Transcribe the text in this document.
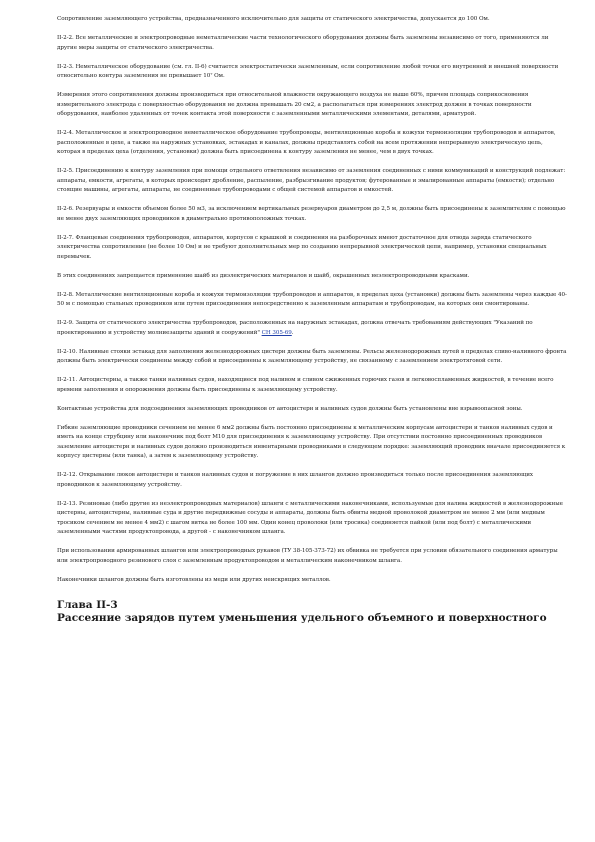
Сопротивление заземляющего устройства, предназначенного исключительно для защиты от статического электричества, допускается до 100 Ом.

II-2-2. Все металлические и электропроводные неметаллические части технологического оборудования должны быть заземлены независимо от того, применяются ли другие меры защиты от статического электричества.

II-2-3. Неметаллическое оборудование (см. гл. II-6) считается электростатически заземленным, если сопротивление любой точки его внутренней и внешней поверхности относительно контура заземления не превышает 10⁷ Ом.

Измерения этого сопротивления должны производиться при относительной влажности окружающего воздуха не выше 60%, причем площадь соприкосновения измерительного электрода с поверхностью оборудования не должна превышать 20 см2, а располагаться при измерениях электрод должен в точках поверхности оборудования, наиболее удаленных от точек контакта этой поверхности с заземленными металлическими элементами, деталями, арматурой.

II-2-4. Металлическое и электропроводное неметаллическое оборудование трубопроводы, вентиляционные короба и кожухи термоизоляции трубопроводов и аппаратов, расположенные в цехе, а также на наружных установках, эстакадах и каналах, должны представлять собой на всем протяжении непрерывную электрическую цепь, которая в пределах цеха (отделения, установки) должна быть присоединена к контуру заземления не менее, чем в двух точках.

II-2-5. Присоединению к контуру заземления при помощи отдельного ответвления независимо от заземления соединенных с ними коммуникаций и конструкций подлежат: аппараты, емкости, агрегаты, в которых происходит дробление, распыление, разбрызгивание продуктов; футерованные и эмалированные аппараты (емкости); отдельно стоящие машины, агрегаты, аппараты, не соединенные трубопроводами с общей системой аппаратов и емкостей.

II-2-6. Резервуары и емкости объемом более 50 м3, за исключением вертикальных резервуаров диаметром до 2,5 м, должны быть присоединены к заземлителям с помощью не менее двух заземляющих проводников в диаметрально противоположных точках.

II-2-7. Фланцевые соединения трубопроводов, аппаратов, корпусов с крышкой и соединения на разборочных имеют достаточное для отвода заряда статического электричества сопротивление (не более 10 Ом) и не требуют дополнительных мер по созданию непрерывной электрической цепи, например, установки специальных перемычек.

В этих соединениях запрещается применение шайб из диэлектрических материалов и шайб, окрашенных неэлектропроводными красками.

II-2-8. Металлические вентиляционные короба и кожухи термоизоляции трубопроводов и аппаратов, в пределах цеха (установки) должны быть заземлены через каждые 40-50 м с помощью стальных проводников или путем присоединения непосредственно к заземленным аппаратам и трубопроводам, на которых они смонтированы.

II-2-9. Защита от статического электричества трубопроводов, расположенных на наружных эстакадах, должна отвечать требованиям действующих "Указаний по проектированию и устройству молниезащиты зданий и сооружений" СН 305-69.

II-2-10. Наливные стояки эстакад для заполнения железнодорожных цистерн должны быть заземлены. Рельсы железнодорожных путей в пределах сливо-наливного фронта должны быть электрически соединены между собой и присоединены к заземляющему устройству, не связанному с заземлением электротяговой сети.

II-2-11. Автоцистерны, а также танки наливных судов, находящиеся под наливом и сливом сжиженных горючих газов и легковоспламенных жидкостей, в течение всего времени заполнения и опорожнения должны быть присоединены к заземляющему устройству.

Контактные устройства для подсоединения заземляющих проводников от автоцистерн и наливных судов должны быть установлены вне взрывоопасной зоны.

Гибкие заземляющие проводники сечением не менее 6 мм2 должны быть постоянно присоединены к металлическим корпусам автоцистерн и танков наливных судов и иметь на конце струбцину или наконечник под болт М10 для присоединения к заземляющему устройству. При отсутствии постоянно присоединенных проводников заземление автоцистерн и наливных судов должно производиться инвентарными проводниками в следующем порядке: заземляющий проводник вначале присоединяется к корпусу цистерны (или танка), а затем к заземляющему устройству.

II-2-12. Открывание люков автоцистерн и танков наливных судов и погружение в них шлангов должно производиться только после присоединения заземляющих проводников к заземляющему устройству.

II-2-13. Резиновые (либо другие из неэлектропроводных материалов) шланги с металлическими наконечниками, используемые для налива жидкостей в железнодорожные цистерны, автоцистерны, наливные суда и другие передвижные сосуды и аппараты, должны быть обвиты медной проволокой диаметром не менее 2 мм (или медным тросиком сечением не менее 4 мм2) с шагом витка не более 100 мм. Один конец проволоки (или тросика) соединяется пайкой (или под болт) с металлическими заземленными частями продуктопровода, а другой - с наконечником шланга.

При использовании армированных шлангов или электропроводных рукавов (ТУ 38-105-373-72) их обвивка не требуется при условии обязательного соединения арматуры или электропроводного резинового слоя с заземленным продуктопроводом и металлическим наконечником шланга.

Наконечники шлангов должны быть изготовлены из меди или других неискрящих металлов.

Глава II-3
Рассеяние зарядов путем уменьшения удельного объемного и поверхностного
